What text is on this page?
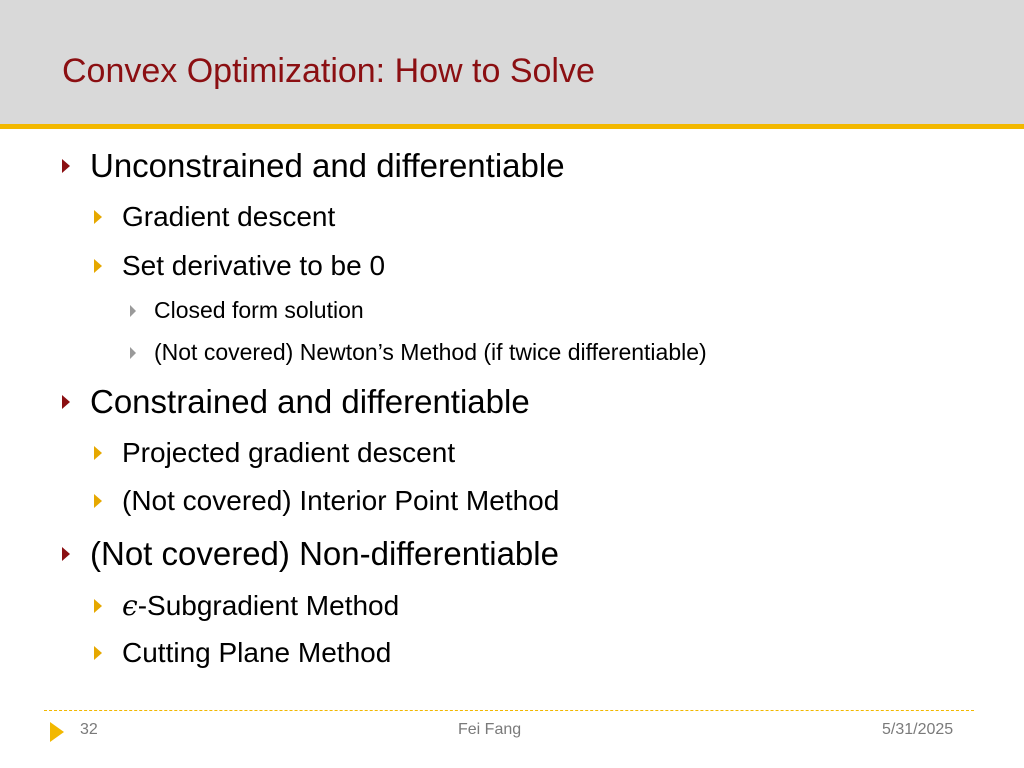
Convex Optimization: How to Solve
Unconstrained and differentiable
Gradient descent
Set derivative to be 0
Closed form solution
(Not covered) Newton’s Method (if twice differentiable)
Constrained and differentiable
Projected gradient descent
(Not covered) Interior Point Method
(Not covered) Non-differentiable
ϵ-Subgradient Method
Cutting Plane Method
32	Fei Fang	5/31/2025
